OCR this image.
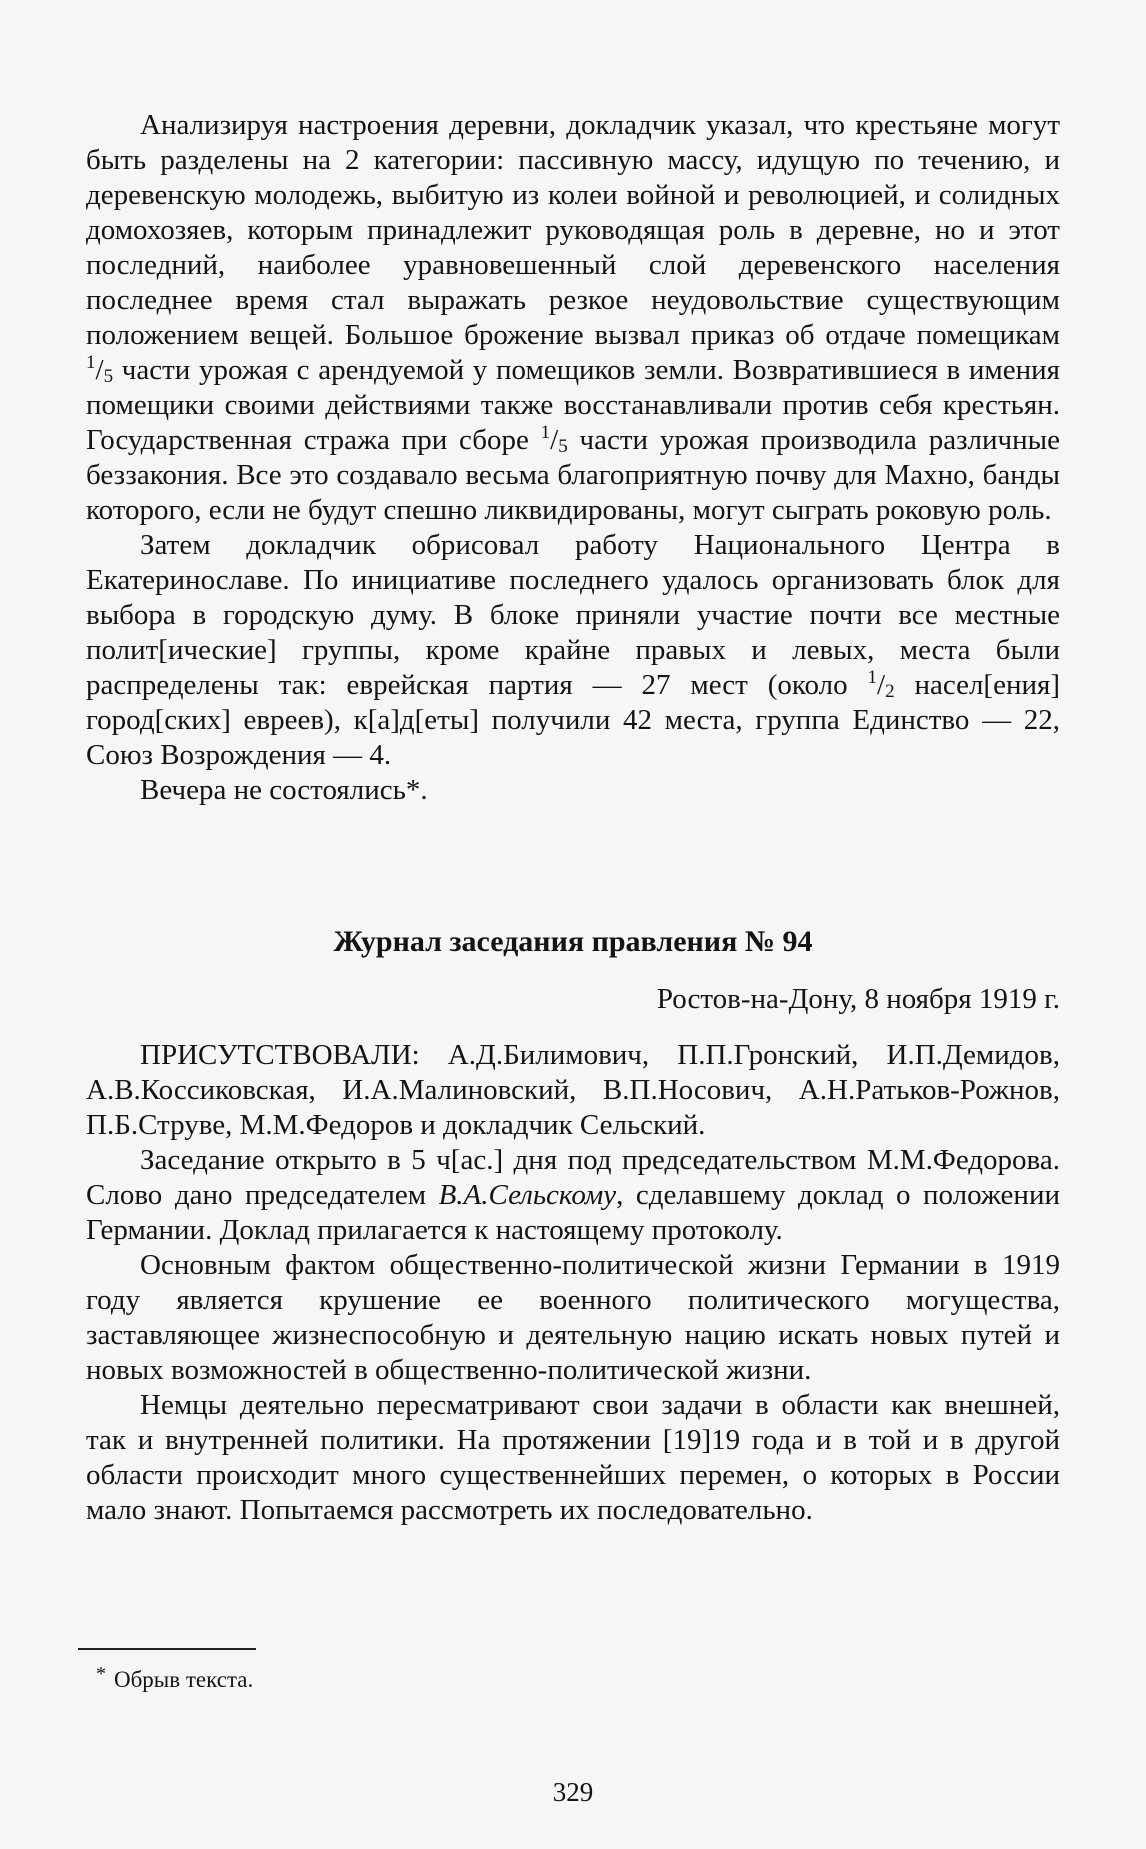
Анализируя настроения деревни, докладчик указал, что крестьяне могут быть разделены на 2 категории: пассивную массу, идущую по течению, и деревенскую молодежь, выбитую из колеи войной и революцией, и солидных домохозяев, которым принадлежит руководящая роль в деревне, но и этот последний, наиболее уравновешенный слой деревенского населения последнее время стал выражать резкое неудовольствие существующим положением вещей. Большое брожение вызвал приказ об отдаче помещикам $^1$/5 части урожая с арендуемой у помещиков земли. Возвратившиеся в имения помещики своими действиями также восстанавливали против себя крестьян. Государственная стража при сборе $^1$/5 части урожая производила различные беззакония. Все это создавало весьма благоприятную почву для Махно, банды которого, если не будут спешно ликвидированы, могут сыграть роковую роль.

Затем докладчик обрисовал работу Национального Центра в Екатеринославе. По инициативе последнего удалось организовать блок для выбора в городскую думу. В блоке приняли участие почти все местные полит[ические] группы, кроме крайне правых и левых, места были распределены так: еврейская партия — 27 мест (около $^1$/2 насел[ения] город[ских] евреев), к[а]д[еты] получили 42 места, группа Единство — 22, Союз Возрождения — 4.

Вечера не состоялись*.

Журнал заседания правления № 94
Ростов-на-Дону, 8 ноября 1919 г.

ПРИСУТСТВОВАЛИ: А.Д.Билимович, П.П.Гронский, И.П.Демидов, А.В.Коссиковская, И.А.Малиновский, В.П.Носович, А.Н.Ратьков-Рожнов, П.Б.Струве, М.М.Федоров и докладчик Сельский.

Заседание открыто в 5 ч[ас.] дня под председательством М.М.Федорова. Слово дано председателем В.А.Сельскому, сделавшему доклад о положении Германии. Доклад прилагается к настоящему протоколу.

Основным фактом общественно-политической жизни Германии в 1919 году является крушение ее военного политического могущества, заставляющее жизнеспособную и деятельную нацию искать новых путей и новых возможностей в общественно-политической жизни.

Немцы деятельно пересматривают свои задачи в области как внешней, так и внутренней политики. На протяжении [19]19 года и в той и в другой области происходит много существеннейших перемен, о которых в России мало знают. Попытаемся рассмотреть их последовательно.

* Обрыв текста.
329
